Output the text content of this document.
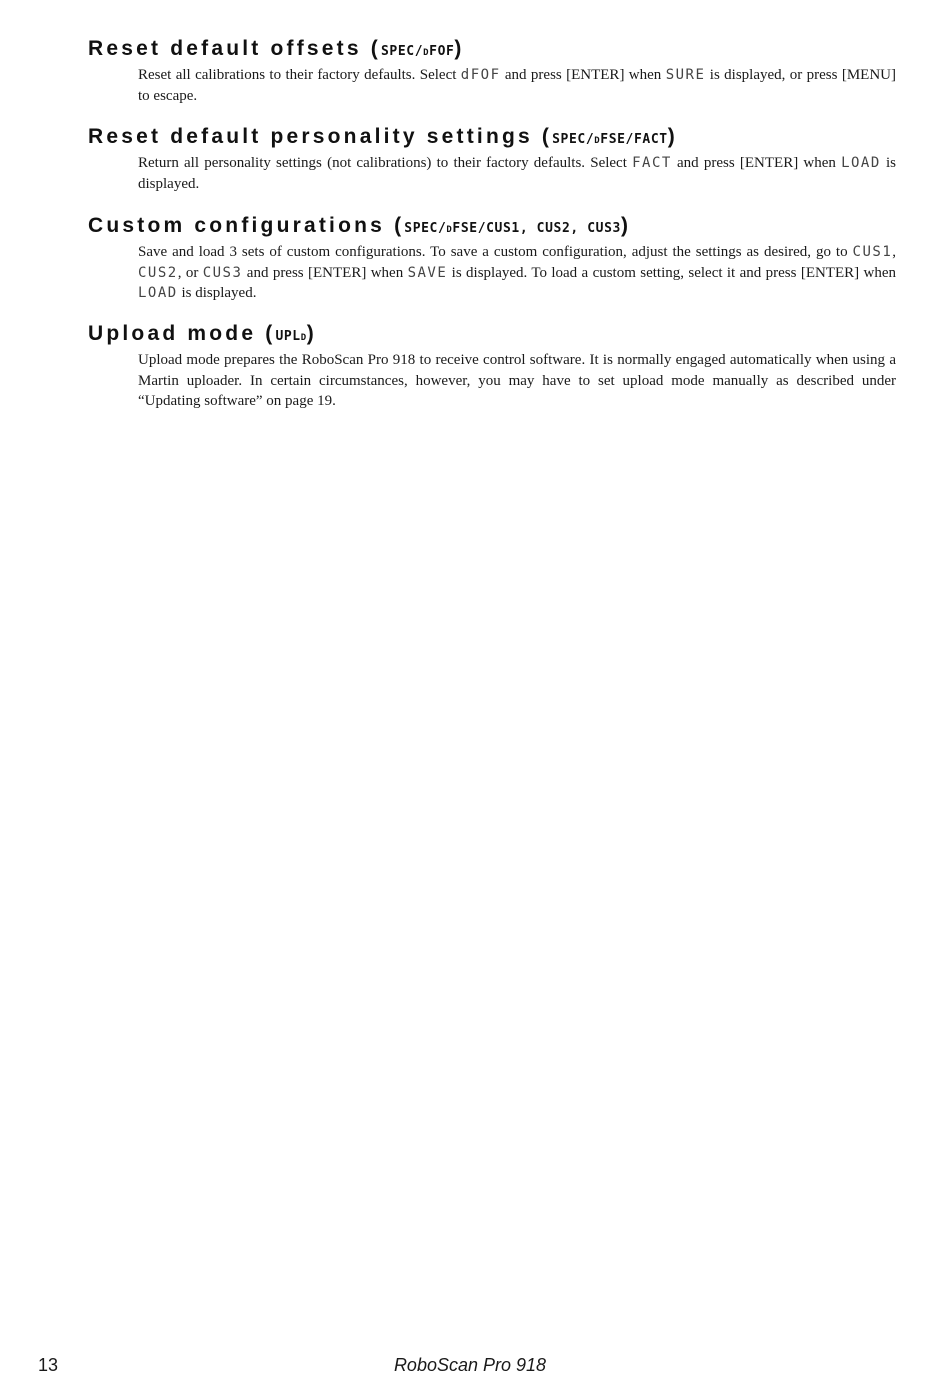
Reset default offsets (SPEC/dFOF)

Reset all calibrations to their factory defaults. Select dFOF and press [ENTER] when SURE is displayed, or press [MENU] to escape.

Reset default personality settings (SPEC/dFSE/FACT)

Return all personality settings (not calibrations) to their factory defaults. Select FACT and press [ENTER] when LOAD is displayed.

Custom configurations (SPEC/dFSE/CUS1, CUS2, CUS3)

Save and load 3 sets of custom configurations. To save a custom configuration, adjust the settings as desired, go to CUS1, CUS2, or CUS3 and press [ENTER] when SAVE is displayed. To load a custom setting, select it and press [ENTER] when LOAD is displayed.

Upload mode (UPLd)

Upload mode prepares the RoboScan Pro 918 to receive control software. It is normally engaged automatically when using a Martin uploader. In certain circumstances, however, you may have to set upload mode manually as described under “Updating software” on page 19.

13	RoboScan Pro 918
